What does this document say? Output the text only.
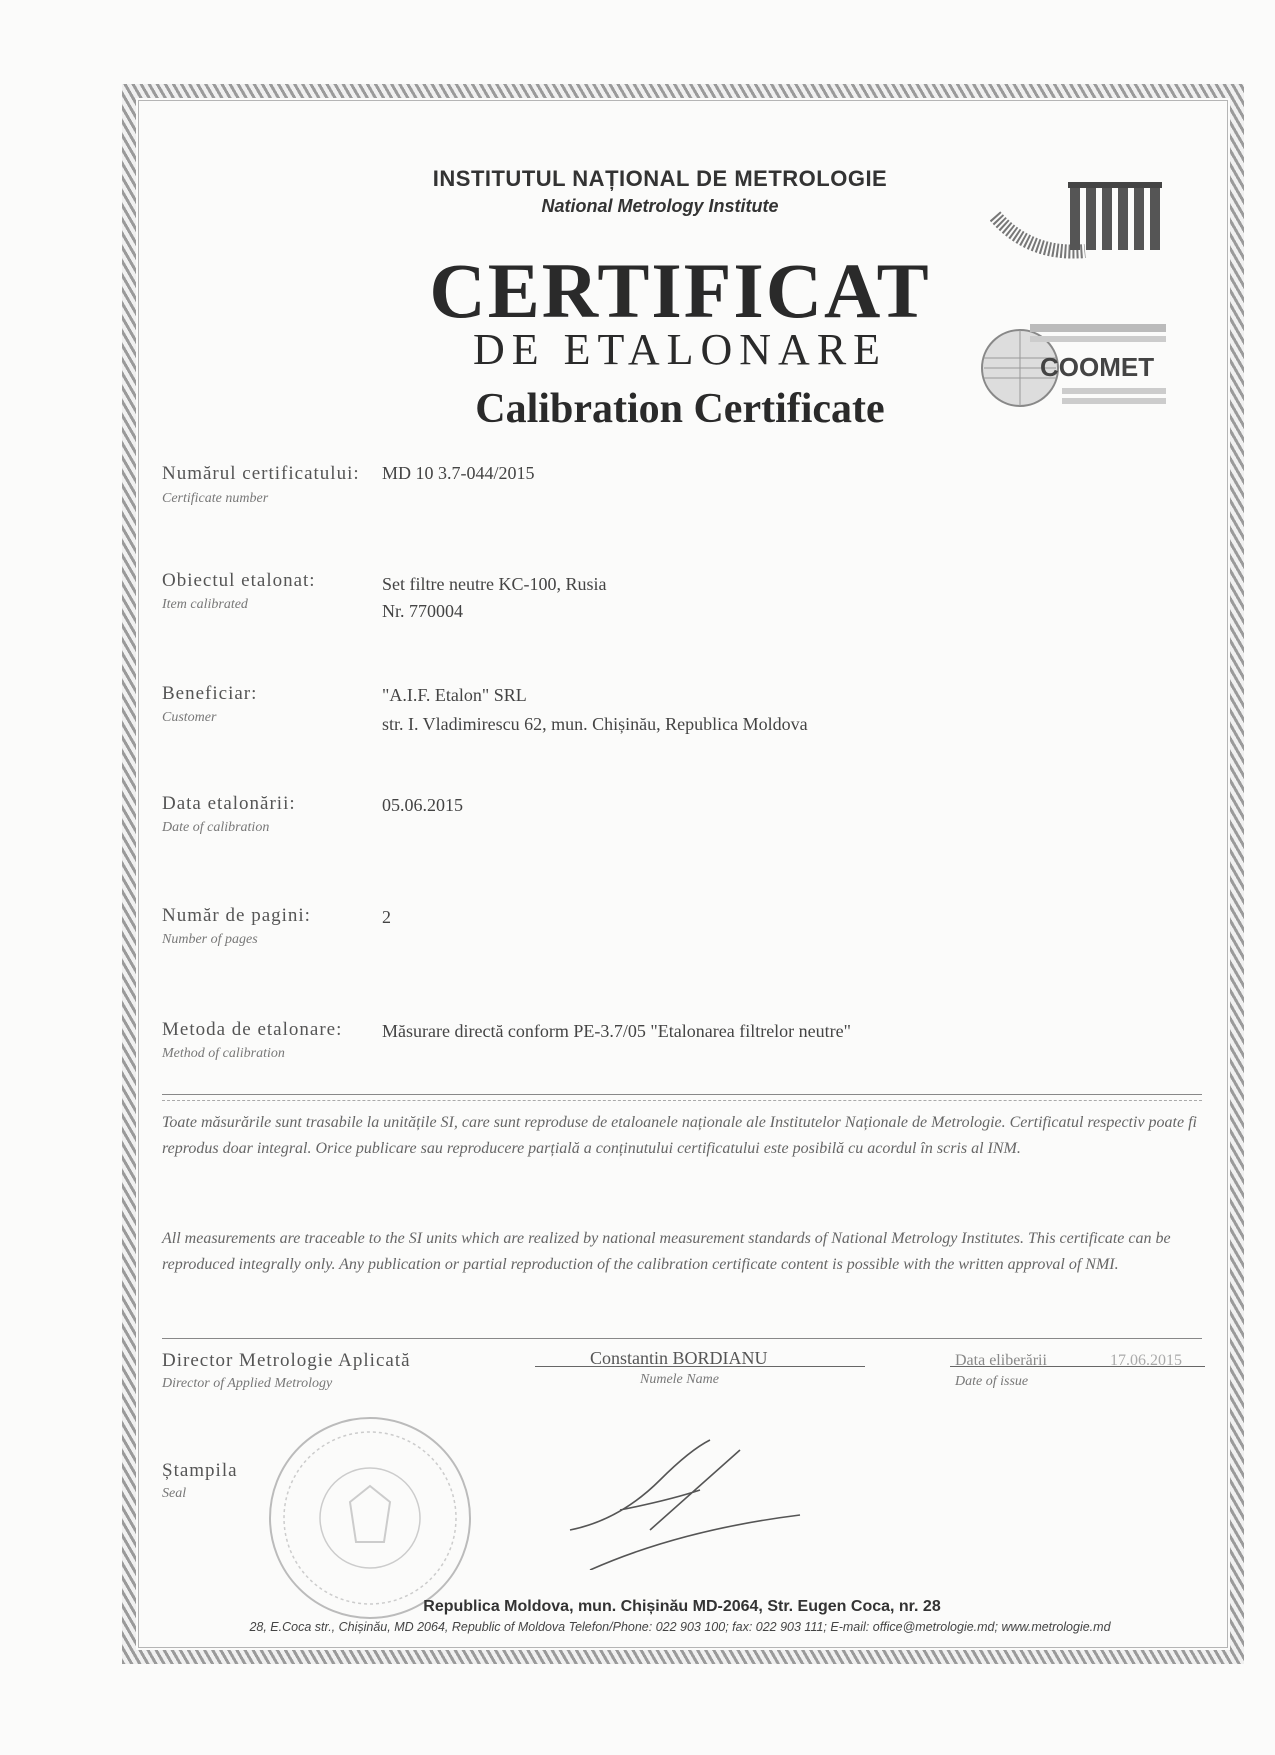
INSTITUTUL NAȚIONAL DE METROLOGIE
National Metrology Institute
CERTIFICAT
DE ETALONARE
Calibration Certificate
COOMET
Numărul certificatului:
Certificate number
MD 10 3.7-044/2015
Obiectul etalonat:
Item calibrated
Set filtre neutre KC-100, Rusia
Nr. 770004
Beneficiar:
Customer
"A.I.F. Etalon" SRL
str. I. Vladimirescu 62, mun. Chișinău, Republica Moldova
Data etalonării:
Date of calibration
05.06.2015
Număr de pagini:
Number of pages
2
Metoda de etalonare:
Method of calibration
Măsurare directă conform PE-3.7/05 "Etalonarea filtrelor neutre"
Toate măsurările sunt trasabile la unitățile SI, care sunt reproduse de etaloanele naționale ale Institutelor Naționale de Metrologie. Certificatul respectiv poate fi reprodus doar integral. Orice publicare sau reproducere parțială a conținutului certificatului este posibilă cu acordul în scris al INM.
All measurements are traceable to the SI units which are realized by national measurement standards of National Metrology Institutes. This certificate can be reproduced integrally only. Any publication or partial reproduction of the calibration certificate content is possible with the written approval of NMI.
Director Metrologie Aplicată
Director of Applied Metrology
Constantin BORDIANU
Numele Name
Data eliberării	17.06.2015
Date of issue
Ștampila
Seal
Republica Moldova, mun. Chișinău MD-2064, Str. Eugen Coca, nr. 28
28, E.Coca str., Chișinău, MD 2064, Republic of Moldova Telefon/Phone: 022 903 100; fax: 022 903 111; E-mail: office@metrologie.md; www.metrologie.md
